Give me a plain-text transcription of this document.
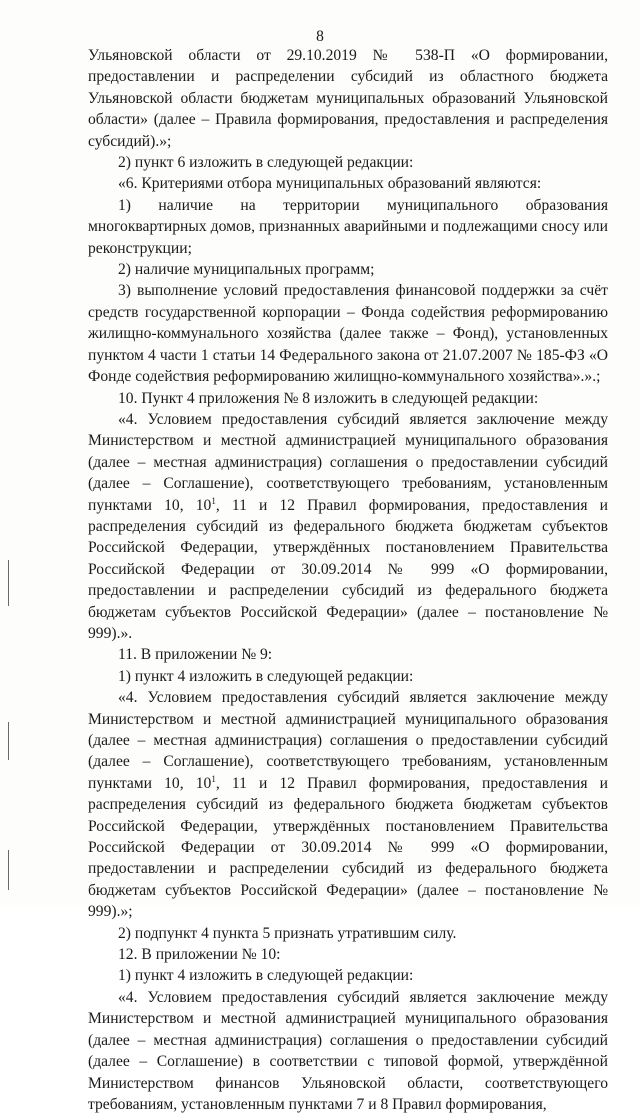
8

Ульяновской области от 29.10.2019 № 538-П «О формировании, предоставлении и распределении субсидий из областного бюджета Ульяновской области бюджетам муниципальных образований Ульяновской области» (далее – Правила формирования, предоставления и распределения субсидий).»;

2) пункт 6 изложить в следующей редакции:

«6. Критериями отбора муниципальных образований являются:

1) наличие на территории муниципального образования многоквартирных домов, признанных аварийными и подлежащими сносу или реконструкции;

2) наличие муниципальных программ;

3) выполнение условий предоставления финансовой поддержки за счёт средств государственной корпорации – Фонда содействия реформированию жилищно-коммунального хозяйства (далее также – Фонд), установленных пунктом 4 части 1 статьи 14 Федерального закона от 21.07.2007 № 185-ФЗ «О Фонде содействия реформированию жилищно-коммунального хозяйства».».;

10. Пункт 4 приложения № 8 изложить в следующей редакции:

«4. Условием предоставления субсидий является заключение между Министерством и местной администрацией муниципального образования (далее – местная администрация) соглашения о предоставлении субсидий (далее – Соглашение), соответствующего требованиям, установленным пунктами 10, $10^1$, 11 и 12 Правил формирования, предоставления и распределения субсидий из федерального бюджета бюджетам субъектов Российской Федерации, утверждённых постановлением Правительства Российской Федерации от 30.09.2014 № 999 «О формировании, предоставлении и распределении субсидий из федерального бюджета бюджетам субъектов Российской Федерации» (далее – постановление № 999).».

11. В приложении № 9:

1) пункт 4 изложить в следующей редакции:

«4. Условием предоставления субсидий является заключение между Министерством и местной администрацией муниципального образования (далее – местная администрация) соглашения о предоставлении субсидий (далее – Соглашение), соответствующего требованиям, установленным пунктами 10, $10^1$, 11 и 12 Правил формирования, предоставления и распределения субсидий из федерального бюджета бюджетам субъектов Российской Федерации, утверждённых постановлением Правительства Российской Федерации от 30.09.2014 № 999 «О формировании, предоставлении и распределении субсидий из федерального бюджета бюджетам субъектов Российской Федерации» (далее – постановление № 999).»;

2) подпункт 4 пункта 5 признать утратившим силу.

12. В приложении № 10:

1) пункт 4 изложить в следующей редакции:

«4. Условием предоставления субсидий является заключение между Министерством и местной администрацией муниципального образования (далее – местная администрация) соглашения о предоставлении субсидий (далее – Соглашение) в соответствии с типовой формой, утверждённой Министерством финансов Ульяновской области, соответствующего требованиям, установленным пунктами 7 и 8 Правил формирования,
